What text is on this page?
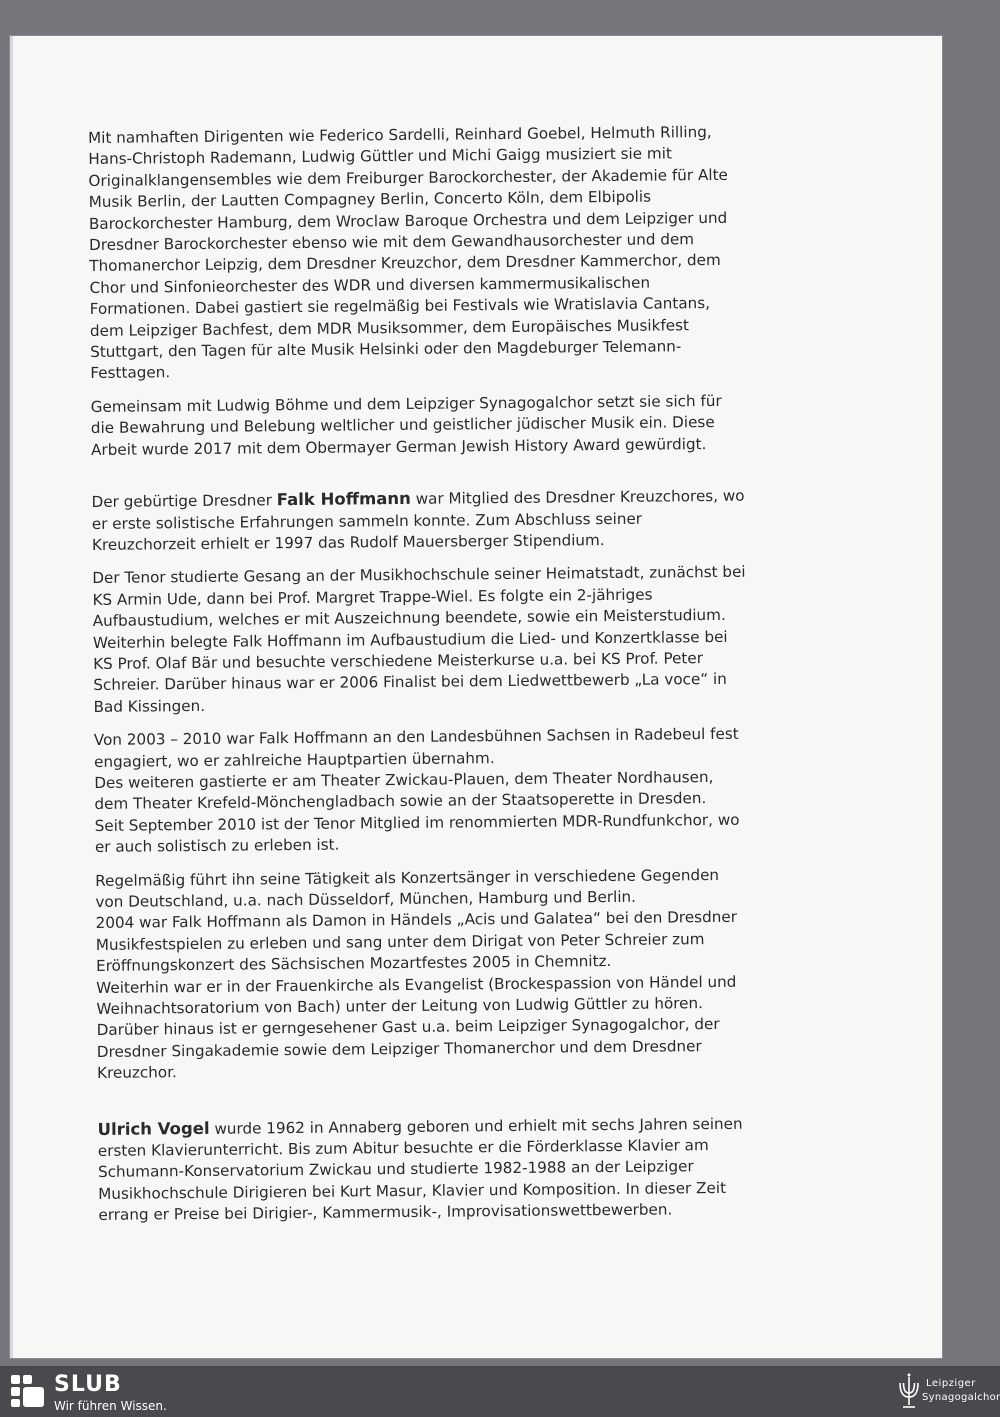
Mit namhaften Dirigenten wie Federico Sardelli, Reinhard Goebel, Helmuth Rilling,
Hans-Christoph Rademann, Ludwig Güttler und Michi Gaigg musiziert sie mit
Originalklangensembles wie dem Freiburger Barockorchester, der Akademie für Alte
Musik Berlin, der Lautten Compagney Berlin, Concerto Köln, dem Elbipolis
Barockorchester Hamburg, dem Wroclaw Baroque Orchestra und dem Leipziger und
Dresdner Barockorchester ebenso wie mit dem Gewandhausorchester und dem
Thomanerchor Leipzig, dem Dresdner Kreuzchor, dem Dresdner Kammerchor, dem
Chor und Sinfonieorchester des WDR und diversen kammermusikalischen
Formationen. Dabei gastiert sie regelmäßig bei Festivals wie Wratislavia Cantans,
dem Leipziger Bachfest, dem MDR Musiksommer, dem Europäisches Musikfest
Stuttgart, den Tagen für alte Musik Helsinki oder den Magdeburger Telemann-
Festtagen.

Gemeinsam mit Ludwig Böhme und dem Leipziger Synagogalchor setzt sie sich für
die Bewahrung und Belebung weltlicher und geistlicher jüdischer Musik ein. Diese
Arbeit wurde 2017 mit dem Obermayer German Jewish History Award gewürdigt.

Der gebürtige Dresdner Falk Hoffmann war Mitglied des Dresdner Kreuzchores, wo
er erste solistische Erfahrungen sammeln konnte. Zum Abschluss seiner
Kreuzchorzeit erhielt er 1997 das Rudolf Mauersberger Stipendium.

Der Tenor studierte Gesang an der Musikhochschule seiner Heimatstadt, zunächst bei
KS Armin Ude, dann bei Prof. Margret Trappe-Wiel. Es folgte ein 2-jähriges
Aufbaustudium, welches er mit Auszeichnung beendete, sowie ein Meisterstudium.
Weiterhin belegte Falk Hoffmann im Aufbaustudium die Lied- und Konzertklasse bei
KS Prof. Olaf Bär und besuchte verschiedene Meisterkurse u.a. bei KS Prof. Peter
Schreier. Darüber hinaus war er 2006 Finalist bei dem Liedwettbewerb „La voce“ in
Bad Kissingen.

Von 2003 – 2010 war Falk Hoffmann an den Landesbühnen Sachsen in Radebeul fest
engagiert, wo er zahlreiche Hauptpartien übernahm.
Des weiteren gastierte er am Theater Zwickau-Plauen, dem Theater Nordhausen,
dem Theater Krefeld-Mönchengladbach sowie an der Staatsoperette in Dresden.
Seit September 2010 ist der Tenor Mitglied im renommierten MDR-Rundfunkchor, wo
er auch solistisch zu erleben ist.

Regelmäßig führt ihn seine Tätigkeit als Konzertsänger in verschiedene Gegenden
von Deutschland, u.a. nach Düsseldorf, München, Hamburg und Berlin.
2004 war Falk Hoffmann als Damon in Händels „Acis und Galatea“ bei den Dresdner
Musikfestspielen zu erleben und sang unter dem Dirigat von Peter Schreier zum
Eröffnungskonzert des Sächsischen Mozartfestes 2005 in Chemnitz.
Weiterhin war er in der Frauenkirche als Evangelist (Brockespassion von Händel und
Weihnachtsoratorium von Bach) unter der Leitung von Ludwig Güttler zu hören.
Darüber hinaus ist er gerngesehener Gast u.a. beim Leipziger Synagogalchor, der
Dresdner Singakademie sowie dem Leipziger Thomanerchor und dem Dresdner
Kreuzchor.

Ulrich Vogel wurde 1962 in Annaberg geboren und erhielt mit sechs Jahren seinen
ersten Klavierunterricht. Bis zum Abitur besuchte er die Förderklasse Klavier am
Schumann-Konservatorium Zwickau und studierte 1982-1988 an der Leipziger
Musikhochschule Dirigieren bei Kurt Masur, Klavier und Komposition. In dieser Zeit
errang er Preise bei Dirigier-, Kammermusik-, Improvisationswettbewerben.

SLUB
Wir führen Wissen.
Leipziger
Synagogalchor
